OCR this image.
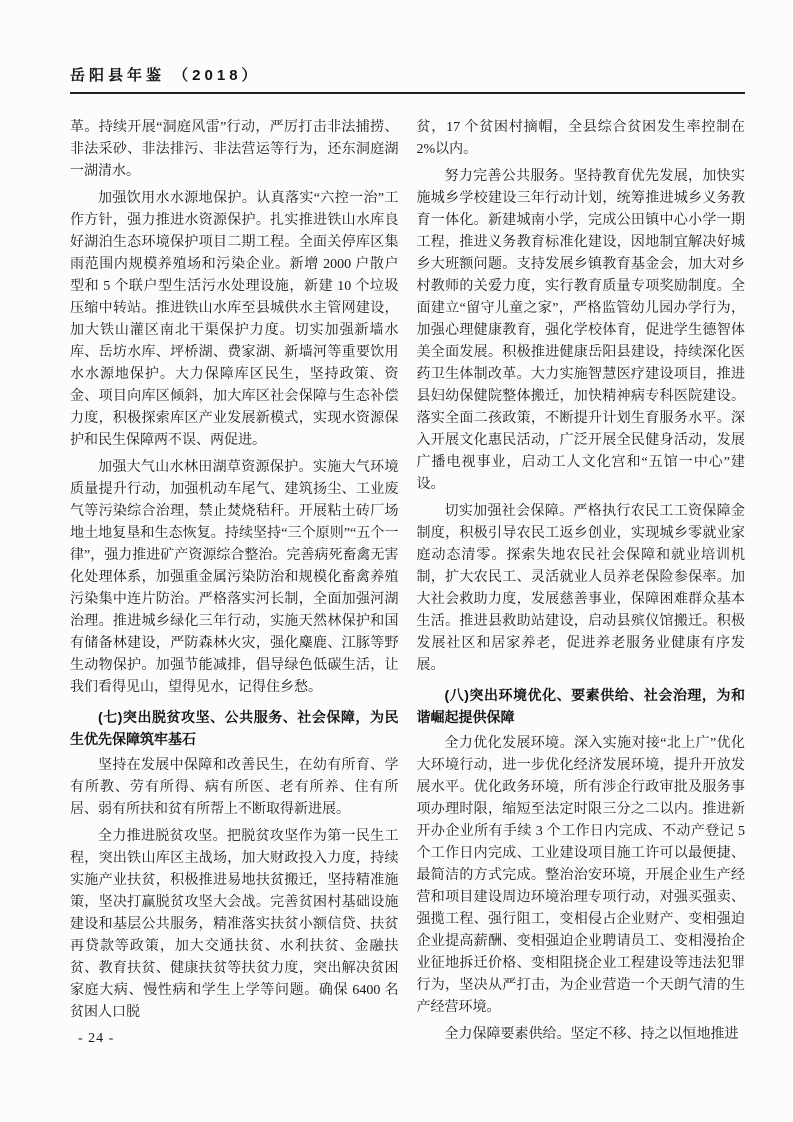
岳阳县年鉴 （2018）

革。持续开展“洞庭风雷”行动，严厉打击非法捕捞、非法采砂、非法排污、非法营运等行为，还东洞庭湖一湖清水。

加强饮用水水源地保护。认真落实“六控一治”工作方针，强力推进水资源保护。扎实推进铁山水库良好湖泊生态环境保护项目二期工程。全面关停库区集雨范围内规模养殖场和污染企业。新增 2000 户散户型和 5 个联户型生活污水处理设施，新建 10 个垃圾压缩中转站。推进铁山水库至县城供水主管网建设，加大铁山灌区南北干渠保护力度。切实加强新墙水库、岳坊水库、坪桥湖、费家湖、新墙河等重要饮用水水源地保护。大力保障库区民生，坚持政策、资金、项目向库区倾斜，加大库区社会保障与生态补偿力度，积极探索库区产业发展新模式，实现水资源保护和民生保障两不误、两促进。

加强大气山水林田湖草资源保护。实施大气环境质量提升行动，加强机动车尾气、建筑扬尘、工业废气等污染综合治理，禁止焚烧秸秆。开展粘土砖厂场地土地复垦和生态恢复。持续坚持“三个原则”“五个一律”，强力推进矿产资源综合整治。完善病死畜禽无害化处理体系，加强重金属污染防治和规模化畜禽养殖污染集中连片防治。严格落实河长制，全面加强河湖治理。推进城乡绿化三年行动，实施天然林保护和国有储备林建设，严防森林火灾，强化麋鹿、江豚等野生动物保护。加强节能减排，倡导绿色低碳生活，让我们看得见山，望得见水，记得住乡愁。

(七)突出脱贫攻坚、公共服务、社会保障，为民生优先保障筑牢基石

坚持在发展中保障和改善民生，在幼有所育、学有所教、劳有所得、病有所医、老有所养、住有所居、弱有所扶和贫有所帮上不断取得新进展。

全力推进脱贫攻坚。把脱贫攻坚作为第一民生工程，突出铁山库区主战场，加大财政投入力度，持续实施产业扶贫，积极推进易地扶贫搬迁，坚持精准施策，坚决打赢脱贫攻坚大会战。完善贫困村基础设施建设和基层公共服务，精准落实扶贫小额信贷、扶贫再贷款等政策，加大交通扶贫、水利扶贫、金融扶贫、教育扶贫、健康扶贫等扶贫力度，突出解决贫困家庭大病、慢性病和学生上学等问题。确保 6400 名贫困人口脱

贫，17 个贫困村摘帽，全县综合贫困发生率控制在 2%以内。

努力完善公共服务。坚持教育优先发展，加快实施城乡学校建设三年行动计划，统筹推进城乡义务教育一体化。新建城南小学，完成公田镇中心小学一期工程，推进义务教育标准化建设，因地制宜解决好城乡大班额问题。支持发展乡镇教育基金会，加大对乡村教师的关爱力度，实行教育质量专项奖励制度。全面建立“留守儿童之家”，严格监管幼儿园办学行为，加强心理健康教育，强化学校体育，促进学生德智体美全面发展。积极推进健康岳阳县建设，持续深化医药卫生体制改革。大力实施智慧医疗建设项目，推进县妇幼保健院整体搬迁，加快精神病专科医院建设。落实全面二孩政策，不断提升计划生育服务水平。深入开展文化惠民活动，广泛开展全民健身活动，发展广播电视事业，启动工人文化宫和“五馆一中心”建设。

切实加强社会保障。严格执行农民工工资保障金制度，积极引导农民工返乡创业，实现城乡零就业家庭动态清零。探索失地农民社会保障和就业培训机制，扩大农民工、灵活就业人员养老保险参保率。加大社会救助力度，发展慈善事业，保障困难群众基本生活。推进县救助站建设，启动县殡仪馆搬迁。积极发展社区和居家养老，促进养老服务业健康有序发展。

(八)突出环境优化、要素供给、社会治理，为和谐崛起提供保障

全力优化发展环境。深入实施对接“北上广”优化大环境行动，进一步优化经济发展环境，提升开放发展水平。优化政务环境，所有涉企行政审批及服务事项办理时限，缩短至法定时限三分之二以内。推进新开办企业所有手续 3 个工作日内完成、不动产登记 5 个工作日内完成、工业建设项目施工许可以最便捷、最简洁的方式完成。整治治安环境，开展企业生产经营和项目建设周边环境治理专项行动，对强买强卖、强揽工程、强行阻工，变相侵占企业财产、变相强迫企业提高薪酬、变相强迫企业聘请员工、变相漫抬企业征地拆迁价格、变相阻挠企业工程建设等违法犯罪行为，坚决从严打击，为企业营造一个天朗气清的生产经营环境。

全力保障要素供给。坚定不移、持之以恒地推进

- 24 -
